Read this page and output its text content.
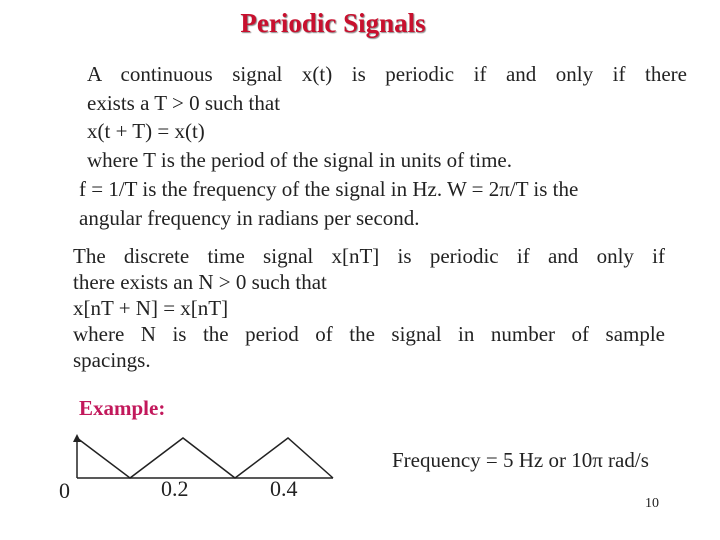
Periodic Signals
A continuous signal x(t) is periodic if and only if there
exists a T > 0 such that
x(t + T) = x(t)
where T is the period of the signal in units of time.
f = 1/T is the frequency of the signal in Hz. W = 2π/T is the
angular frequency in radians per second.
The discrete time signal x[nT] is periodic if and only if
there exists an N > 0 such that
x[nT + N] = x[nT]
where N is the period of the signal in number of sample
spacings.
Example:
0	0.2	0.4
Frequency = 5 Hz or 10π rad/s
10
